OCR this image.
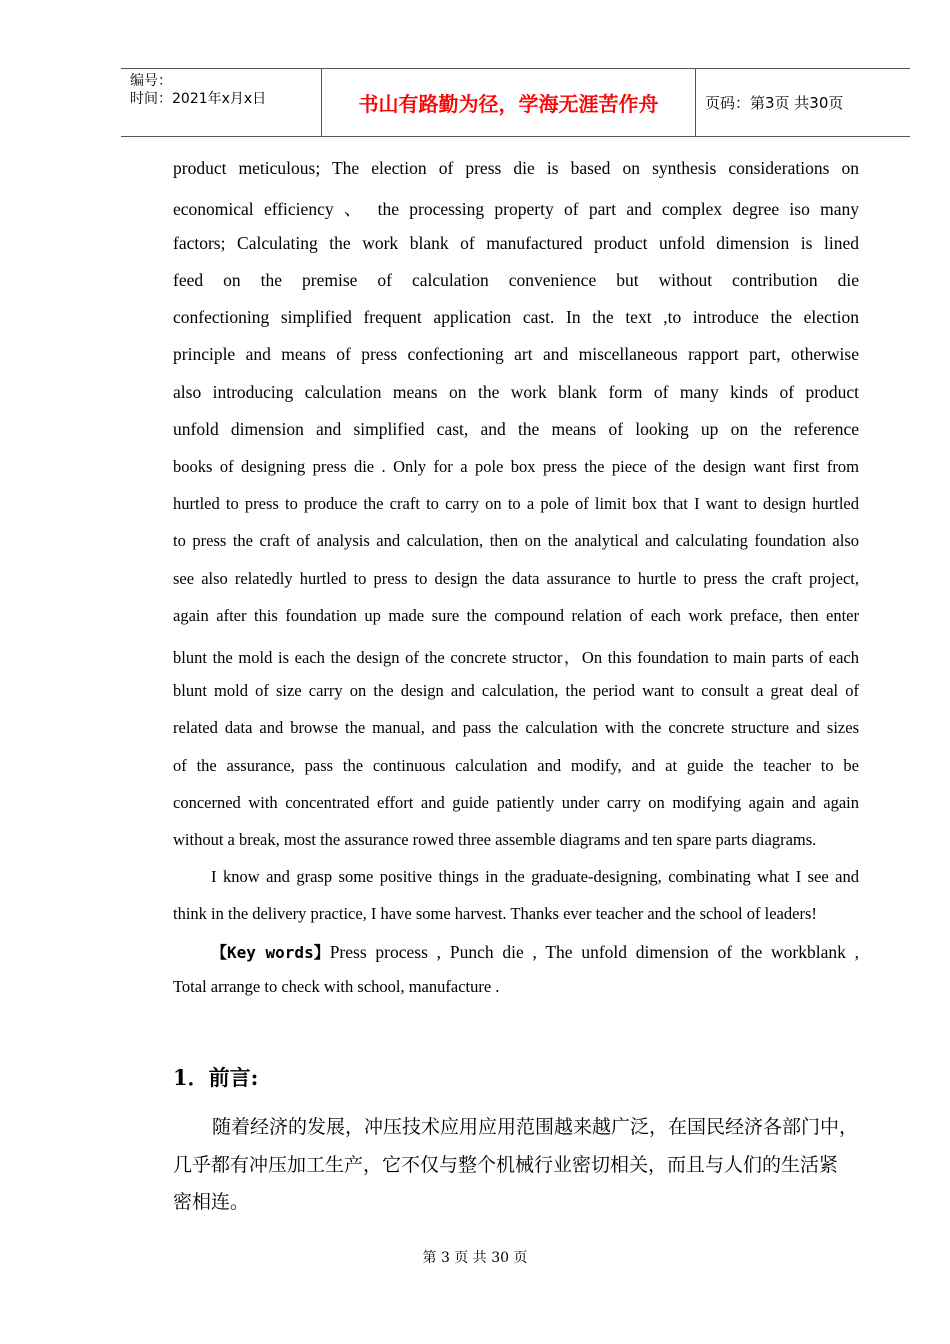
编号：
时间：2021年x月x日	书山有路勤为径，学海无涯苦作舟	页码：第3页 共30页
product meticulous; The election of press die is based on synthesis considerations on
economical efficiency 、 the processing property of part and complex degree iso many
factors; Calculating the work blank of manufactured product unfold dimension is lined
feed on the premise of calculation convenience but without contribution die
confectioning simplified frequent application cast. In the text ,to introduce the election
principle and means of press confectioning art and miscellaneous rapport part, otherwise
also introducing calculation means on the work blank form of many kinds of product
unfold dimension and simplified cast, and the means of looking up on the reference
books of designing press die . Only for a pole box press the piece of the design want first from
hurtled to press to produce the craft to carry on to a pole of limit box that I want to design hurtled
to press the craft of analysis and calculation, then on the analytical and calculating foundation also
see also relatedly hurtled to press to design the data assurance to hurtle to press the craft project,
again after this foundation up made sure the compound relation of each work preface, then enter
blunt the mold is each the design of the concrete structor，On this foundation to main parts of each
blunt mold of size carry on the design and calculation, the period want to consult a great deal of
related data and browse the manual, and pass the calculation with the concrete structure and sizes
of the assurance, pass the continuous calculation and modify, and at guide the teacher to be
concerned with concentrated effort and guide patiently under carry on modifying again and again
without a break, most the assurance rowed three assemble diagrams and ten spare parts diagrams.
I know and grasp some positive things in the graduate-designing, combinating what I see and
think in the delivery practice, I have some harvest. Thanks ever teacher and the school of leaders!
【Key words】 Press process , Punch die , The unfold dimension of the workblank ,
Total arrange to check with school, manufacture .
1．前言:
随着经济的发展，冲压技术应用应用范围越来越广泛，在国民经济各部门中，
几乎都有冲压加工生产，它不仅与整个机械行业密切相关，而且与人们的生活紧
密相连。
第 3 页 共 30 页
